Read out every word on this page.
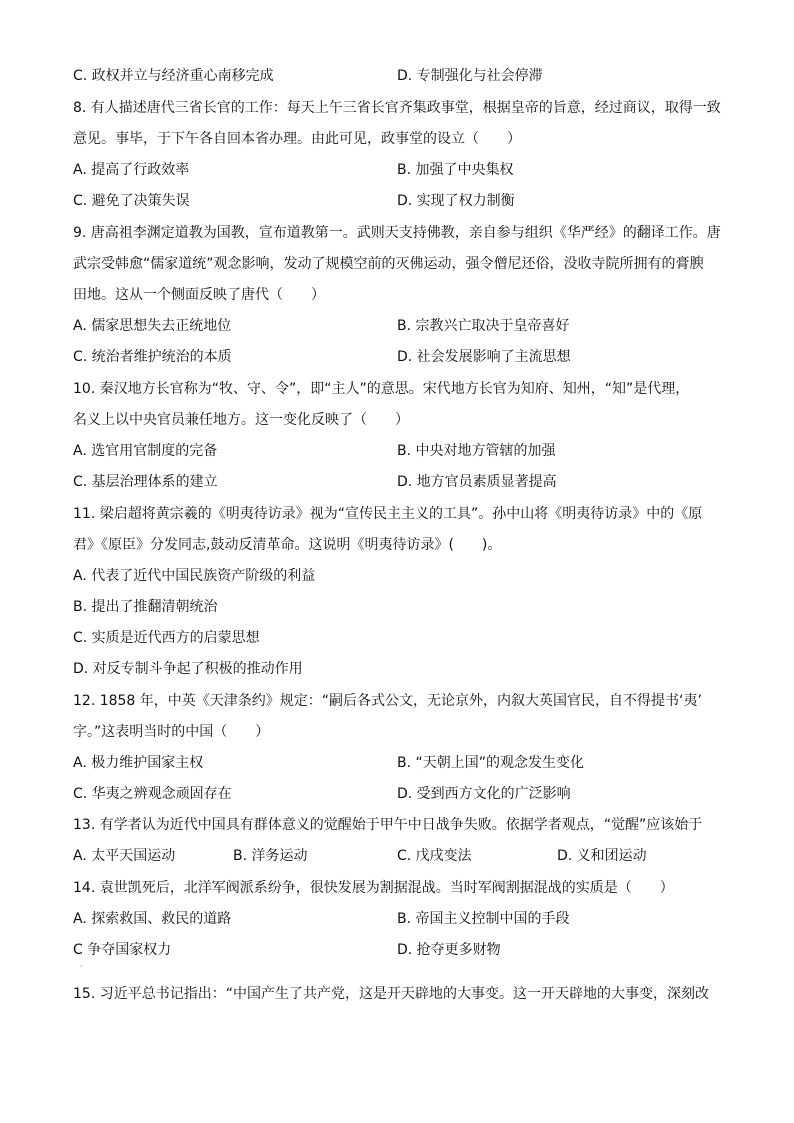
C. 政权并立与经济重心南移完成	D. 专制强化与社会停滞
8. 有人描述唐代三省长官的工作：每天上午三省长官齐集政事堂，根据皇帝的旨意，经过商议，取得一致
意见。事毕，于下午各自回本省办理。由此可见，政事堂的设立（　　）
A. 提高了行政效率	B. 加强了中央集权
C. 避免了决策失误	D. 实现了权力制衡
9. 唐高祖李渊定道教为国教，宣布道教第一。武则天支持佛教，亲自参与组织《华严经》的翻译工作。唐
武宗受韩愈“儒家道统”观念影响，发动了规模空前的灭佛运动，强令僧尼还俗，没收寺院所拥有的膏腴
田地。这从一个侧面反映了唐代（　　）
A. 儒家思想失去正统地位	B. 宗教兴亡取决于皇帝喜好
C. 统治者维护统治的本质	D. 社会发展影响了主流思想
10. 秦汉地方长官称为“牧、守、令”，即“主人”的意思。宋代地方长官为知府、知州，“知”是代理，
名义上以中央官员兼任地方。这一变化反映了（　　）
A. 选官用官制度的完备	B. 中央对地方管辖的加强
C. 基层治理体系的建立	D. 地方官员素质显著提高
11. 梁启超将黄宗羲的《明夷待访录》视为“宣传民主主义的工具”。孙中山将《明夷待访录》中的《原
君》《原臣》分发同志,鼓动反清革命。这说明《明夷待访录》(　　)。
A. 代表了近代中国民族资产阶级的利益
B. 提出了推翻清朝统治
C. 实质是近代西方的启蒙思想
D. 对反专制斗争起了积极的推动作用
12. 1858 年，中英《天津条约》规定：“嗣后各式公文，无论京外，内叙大英国官民，自不得提书‘夷’
字。”这表明当时的中国（　　）
A. 极力维护国家主权	B. “天朝上国”的观念发生变化
C. 华夷之辨观念顽固存在	D. 受到西方文化的广泛影响
13. 有学者认为近代中国具有群体意义的觉醒始于甲午中日战争失败。依据学者观点，“觉醒”应该始于
A. 太平天国运动	B. 洋务运动	C. 戊戌变法	D. 义和团运动
14. 袁世凯死后，北洋军阀派系纷争，很快发展为割据混战。当时军阀割据混战的实质是（　　）
A. 探索救国、救民的道路	B. 帝国主义控制中国的手段
C 争夺国家权力	D. 抢夺更多财物
·
15. 习近平总书记指出：“中国产生了共产党，这是开天辟地的大事变。这一开天辟地的大事变，深刻改
